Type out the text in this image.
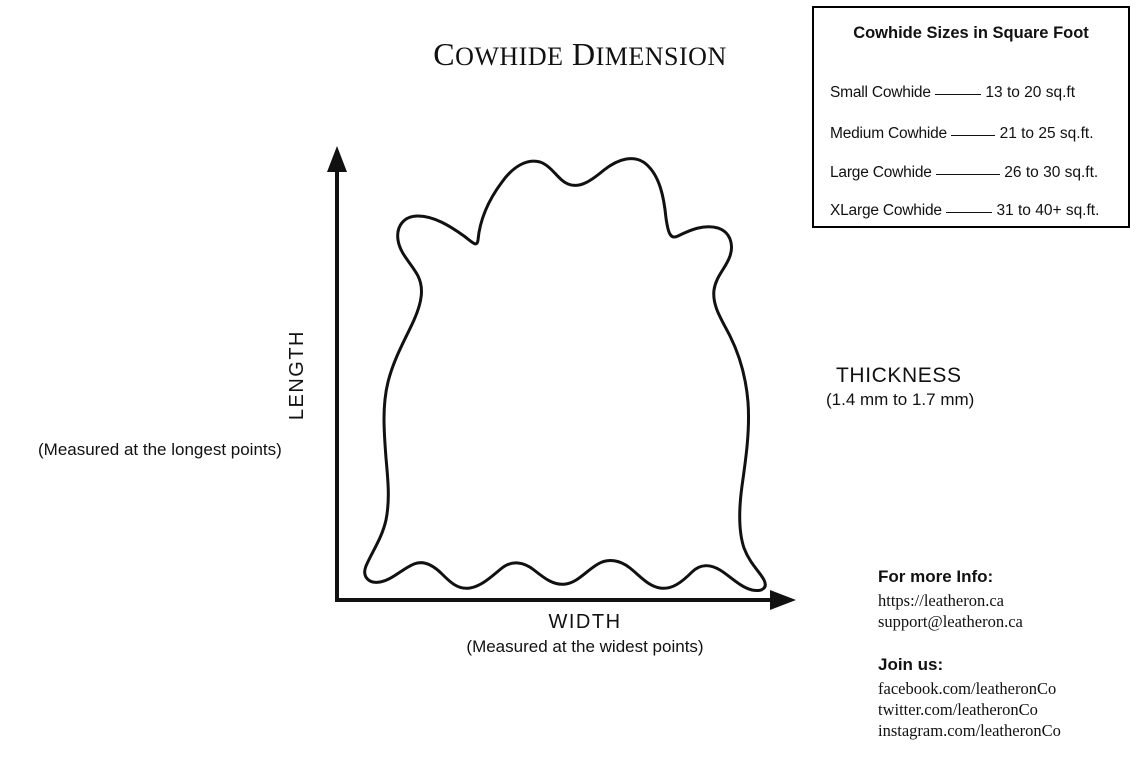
COWHIDE DIMENSION
Cowhide Sizes in Square Foot
Small Cowhide	13 to 20 sq.ft
Medium Cowhide	21 to 25 sq.ft.
Large Cowhide	26 to 30 sq.ft.
XLarge Cowhide	31 to 40+ sq.ft.
LENGTH
(Measured at the longest points)
WIDTH
(Measured at the widest points)
THICKNESS
(1.4 mm to 1.7 mm)
For more Info:
https://leatheron.ca
support@leatheron.ca
Join us:
facebook.com/leatheronCo
twitter.com/leatheronCo
instagram.com/leatheronCo
